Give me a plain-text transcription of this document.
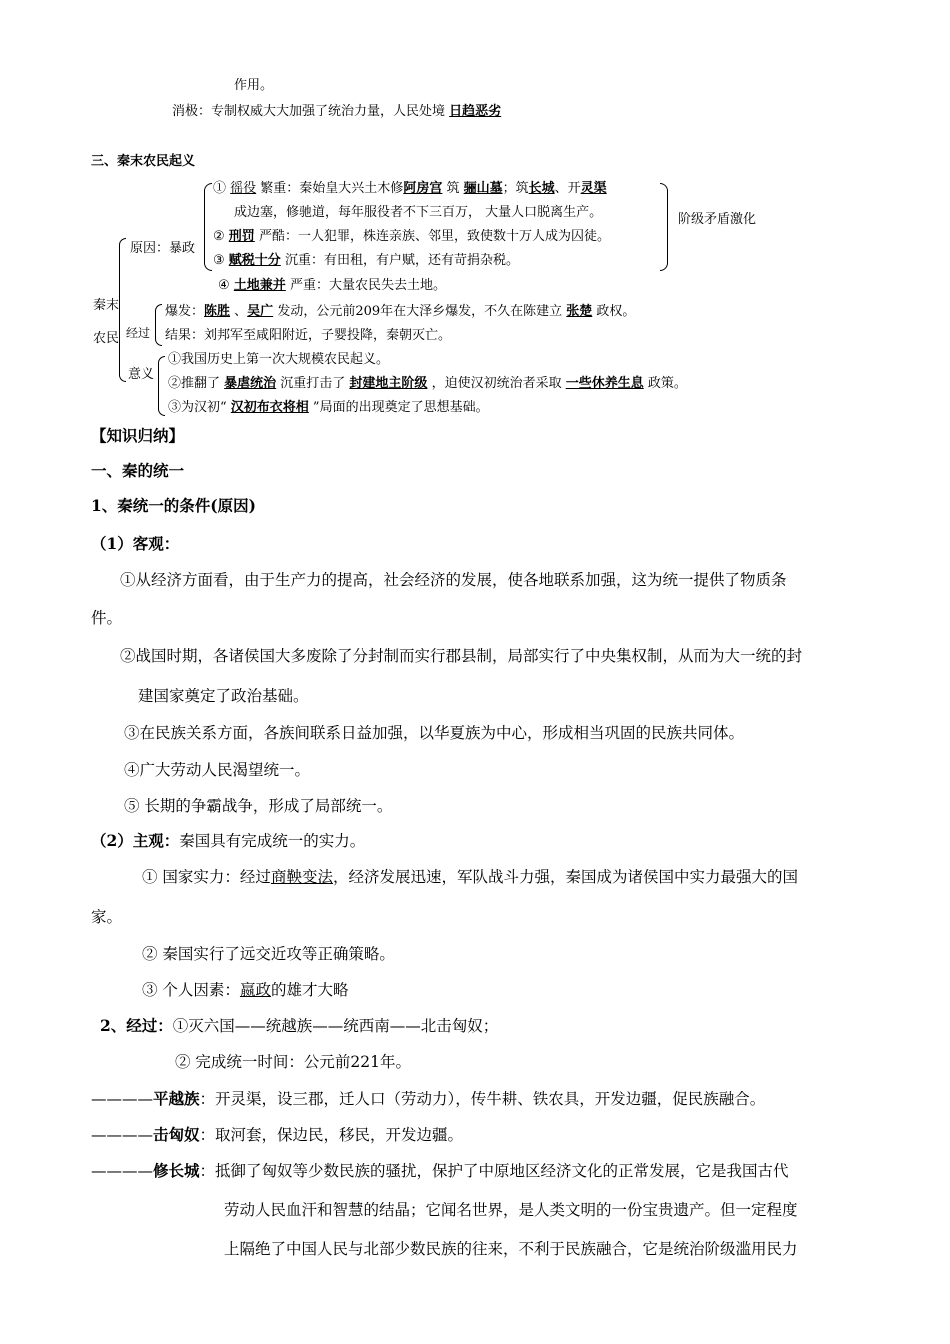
作用。
消极：专制权威大大加强了统治力量，人民处境 日趋恶劣
三、秦末农民起义
秦末
农民
原因：暴政
① 徭役 繁重：秦始皇大兴土木修阿房宫 筑 骊山墓；筑长城、开灵渠
成边塞，修驰道，每年服役者不下三百万， 大量人口脱离生产。
② 刑罚 严酷：一人犯罪，株连亲族、邻里，致使数十万人成为囚徒。
③ 赋税十分 沉重：有田租，有户赋，还有苛捐杂税。
④ 土地兼并 严重：大量农民失去土地。
阶级矛盾激化
经过
爆发：陈胜 、吴广 发动，公元前209年在大泽乡爆发，不久在陈建立 张楚 政权。
结果：刘邦军至咸阳附近，子婴投降，秦朝灭亡。
意义
①我国历史上第一次大规模农民起义。
②推翻了 暴虐统治 沉重打击了 封建地主阶级 ，迫使汉初统治者采取 一些休养生息 政策。
③为汉初“ 汉初布衣将相 ”局面的出现奠定了思想基础。
【知识归纳】
一、秦的统一
1、秦统一的条件(原因)
（1）客观：
①从经济方面看，由于生产力的提高，社会经济的发展，使各地联系加强，这为统一提供了物质条
件。
②战国时期，各诸侯国大多废除了分封制而实行郡县制，局部实行了中央集权制，从而为大一统的封
建国家奠定了政治基础。
③在民族关系方面，各族间联系日益加强，以华夏族为中心，形成相当巩固的民族共同体。
④广大劳动人民渴望统一。
⑤ 长期的争霸战争，形成了局部统一。
（2）主观：秦国具有完成统一的实力。
① 国家实力：经过商鞅变法，经济发展迅速，军队战斗力强，秦国成为诸侯国中实力最强大的国
家。
② 秦国实行了远交近攻等正确策略。
③ 个人因素：嬴政的雄才大略
2、经过：①灭六国——统越族——统西南——北击匈奴；
② 完成统一时间：公元前221年。
————平越族：开灵渠，设三郡，迁人口（劳动力），传牛耕、铁农具，开发边疆，促民族融合。
————击匈奴：取河套，保边民，移民，开发边疆。
————修长城：抵御了匈奴等少数民族的骚扰，保护了中原地区经济文化的正常发展，它是我国古代
劳动人民血汗和智慧的结晶；它闻名世界，是人类文明的一份宝贵遗产。但一定程度
上隔绝了中国人民与北部少数民族的往来，不利于民族融合，它是统治阶级滥用民力
